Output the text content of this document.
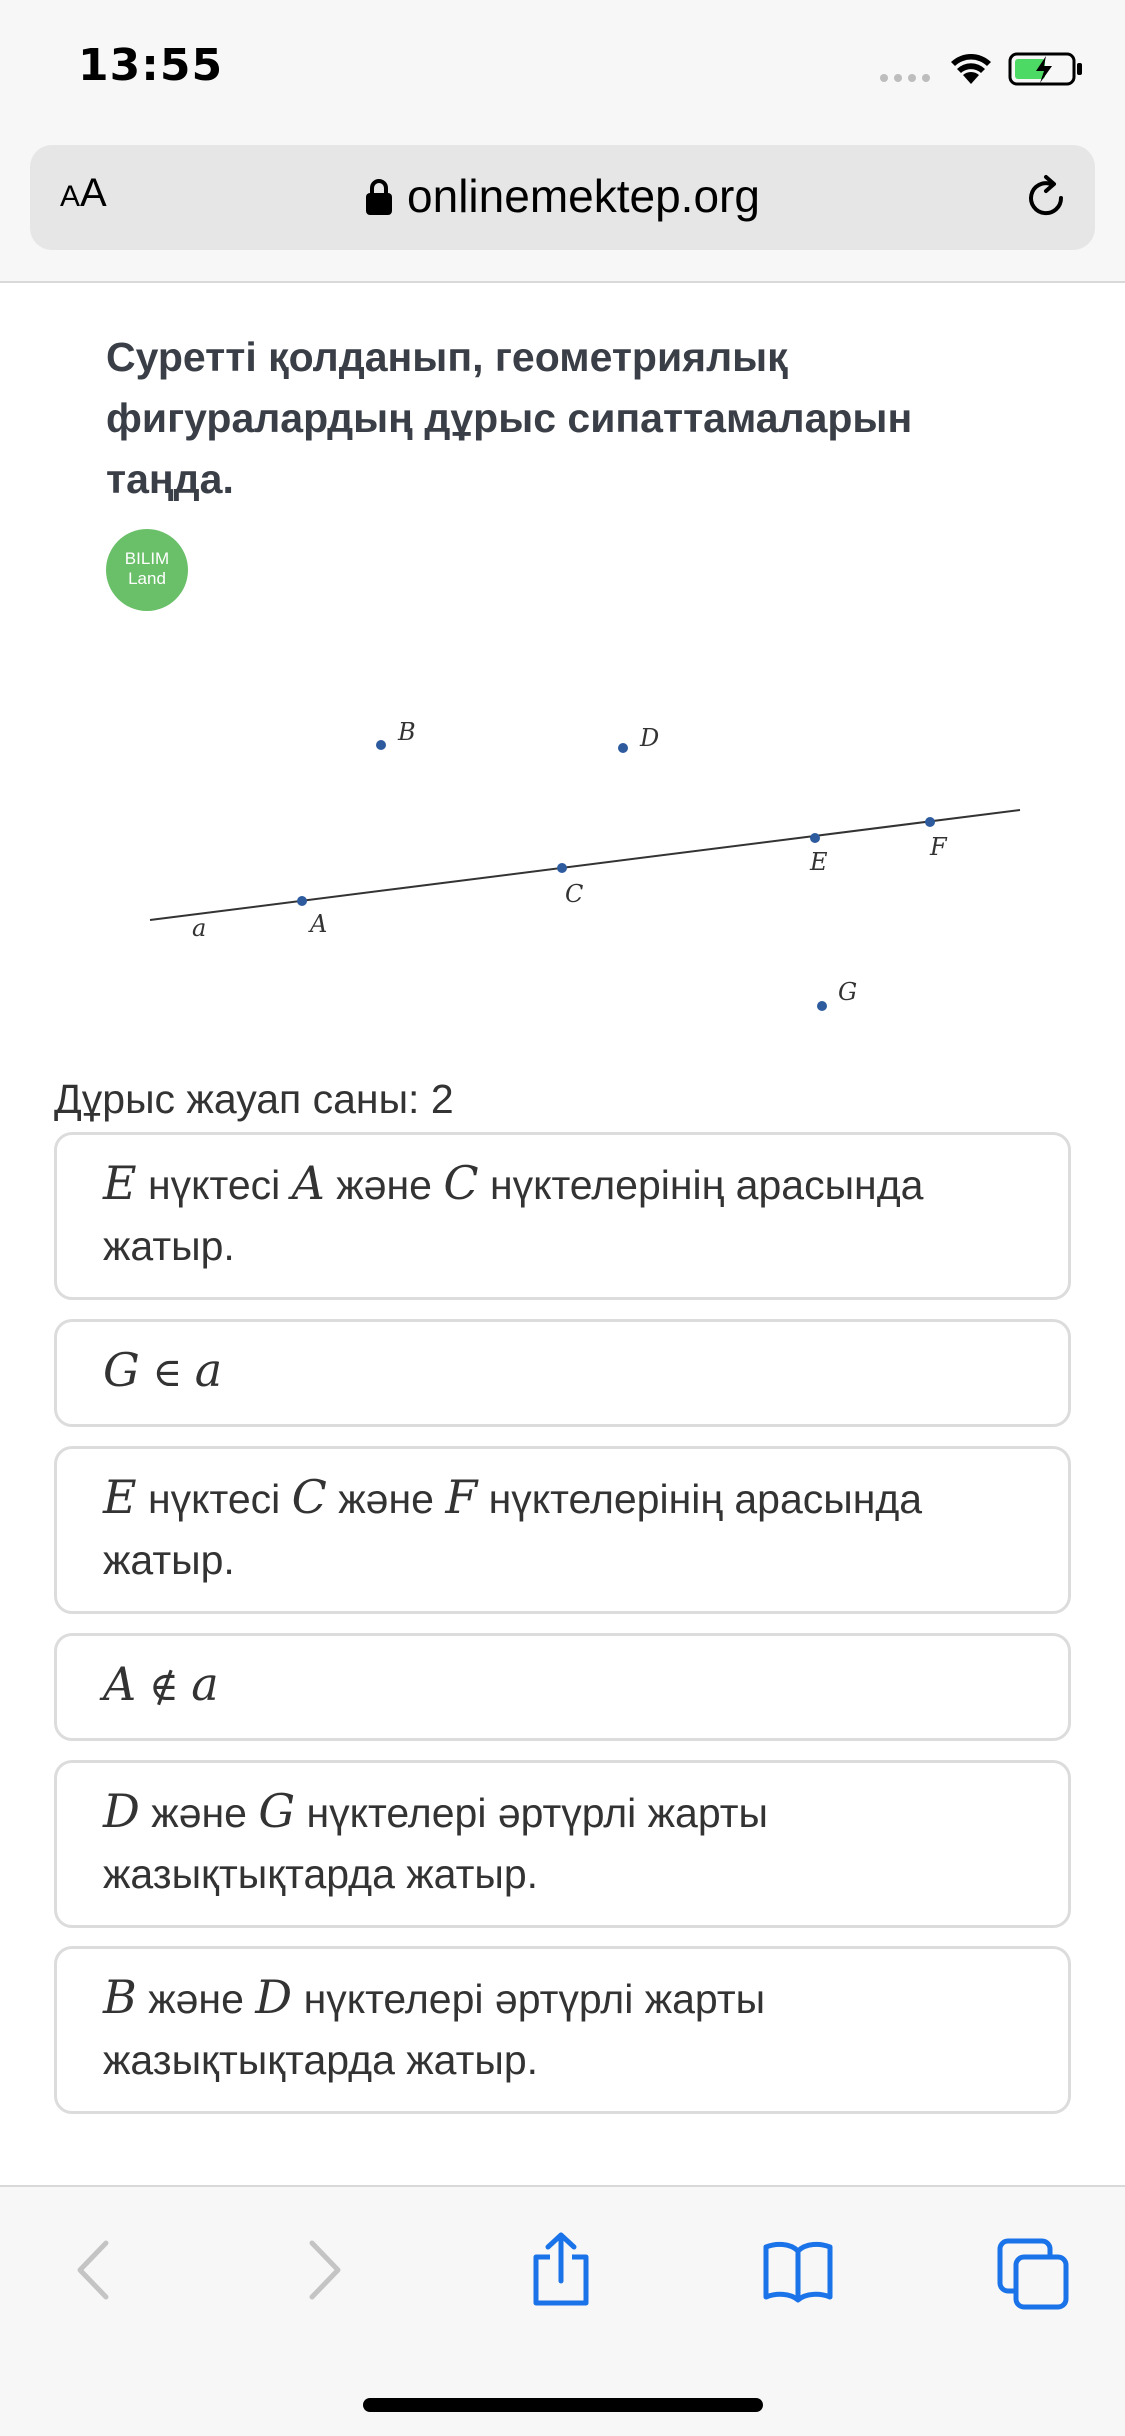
13:55
AA	onlinemektep.org
Суретті қолданып, геометриялық фигуралардың дұрыс сипаттамаларын таңда.
BILIM
Land
A
B
C
D
E
F
G
a
Дұрыс жауап саны: 2
E нүктесі A және C нүктелерінің арасында жатыр.
G ∈ a
E нүктесі C және F нүктелерінің арасында жатыр.
A ∉ a
D және G нүктелері әртүрлі жарты жазықтықтарда жатыр.
B және D нүктелері әртүрлі жарты жазықтықтарда жатыр.
